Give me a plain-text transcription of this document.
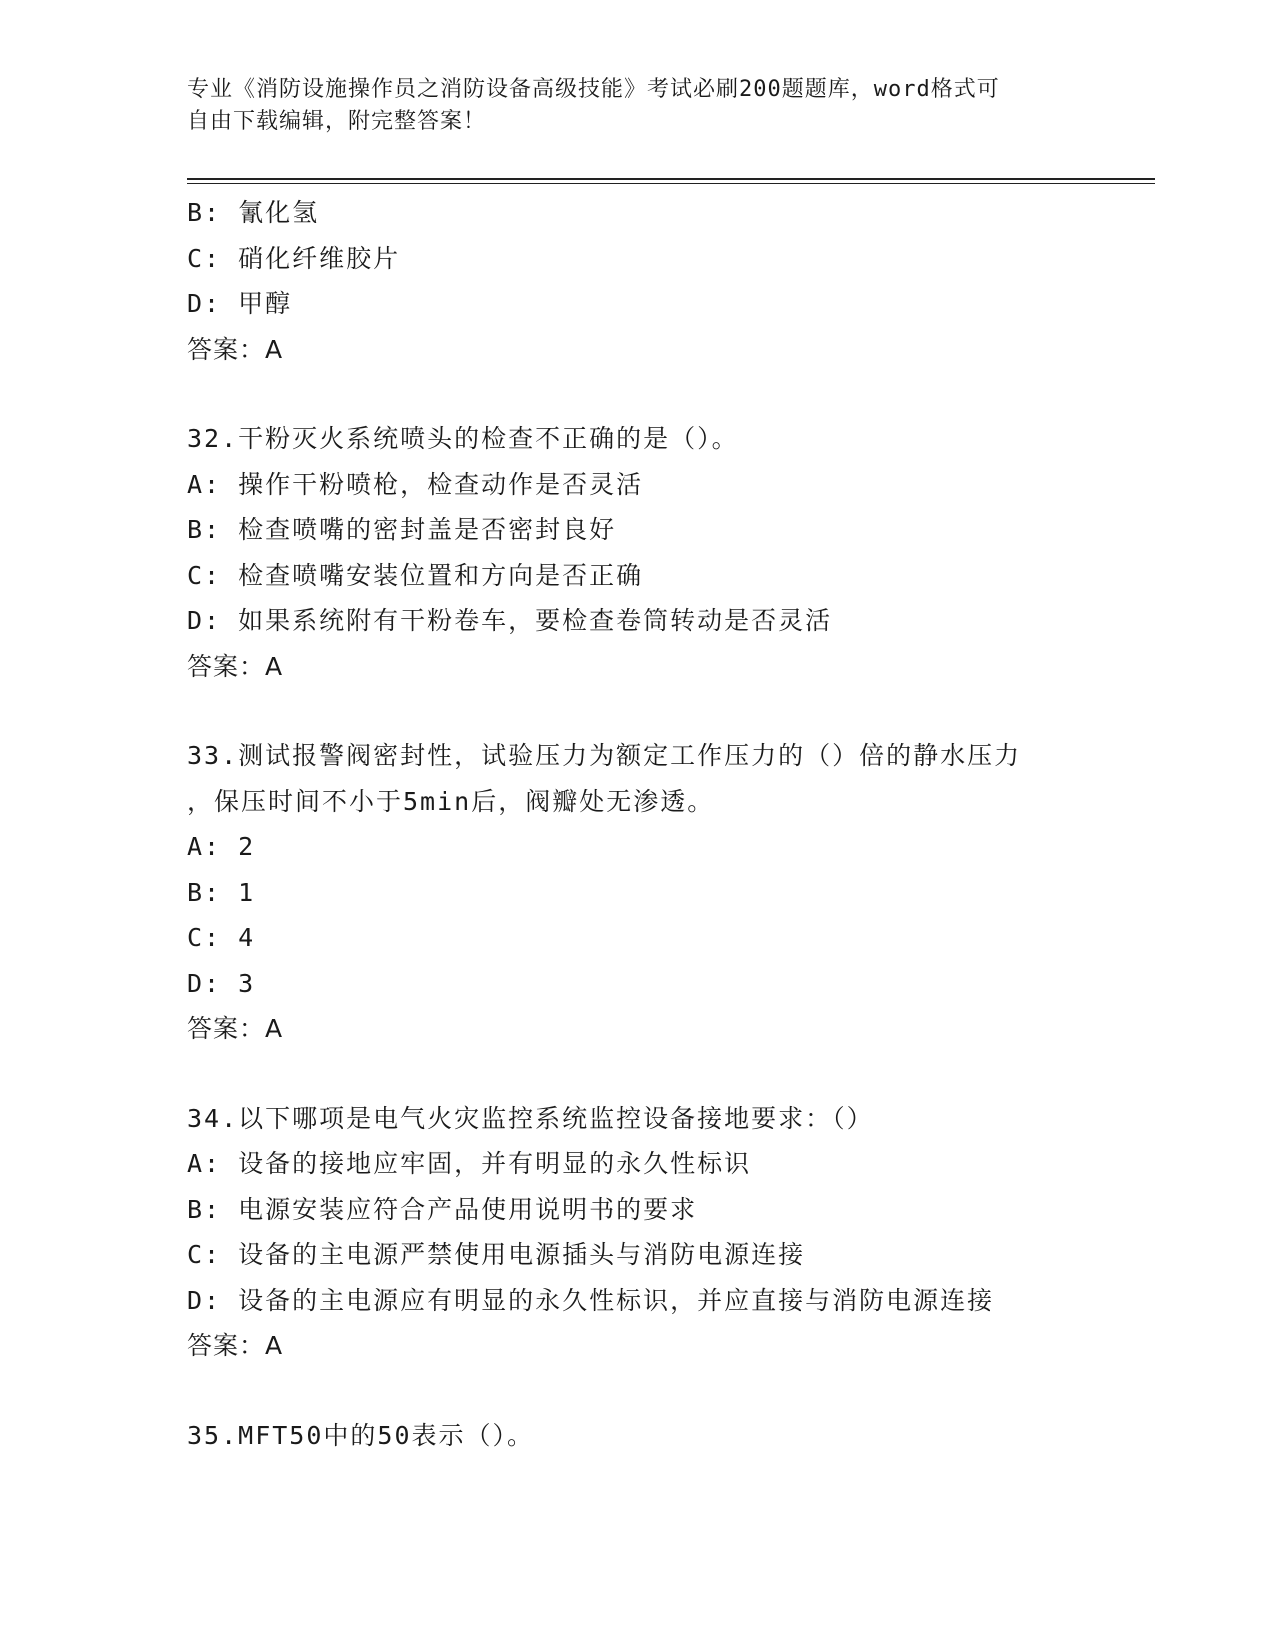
专业《消防设施操作员之消防设备高级技能》考试必刷200题题库，word格式可
自由下载编辑，附完整答案！
B: 氰化氢
C: 硝化纤维胶片
D: 甲醇
答案：A
32.干粉灭火系统喷头的检查不正确的是（）。
A: 操作干粉喷枪，检查动作是否灵活
B: 检查喷嘴的密封盖是否密封良好
C: 检查喷嘴安装位置和方向是否正确
D: 如果系统附有干粉卷车，要检查卷筒转动是否灵活
答案：A
33.测试报警阀密封性，试验压力为额定工作压力的（）倍的静水压力
，保压时间不小于5min后，阀瓣处无渗透。
A: 2
B: 1
C: 4
D: 3
答案：A
34.以下哪项是电气火灾监控系统监控设备接地要求：（）
A: 设备的接地应牢固，并有明显的永久性标识
B: 电源安装应符合产品使用说明书的要求
C: 设备的主电源严禁使用电源插头与消防电源连接
D: 设备的主电源应有明显的永久性标识，并应直接与消防电源连接
答案：A
35.MFT50中的50表示（）。
